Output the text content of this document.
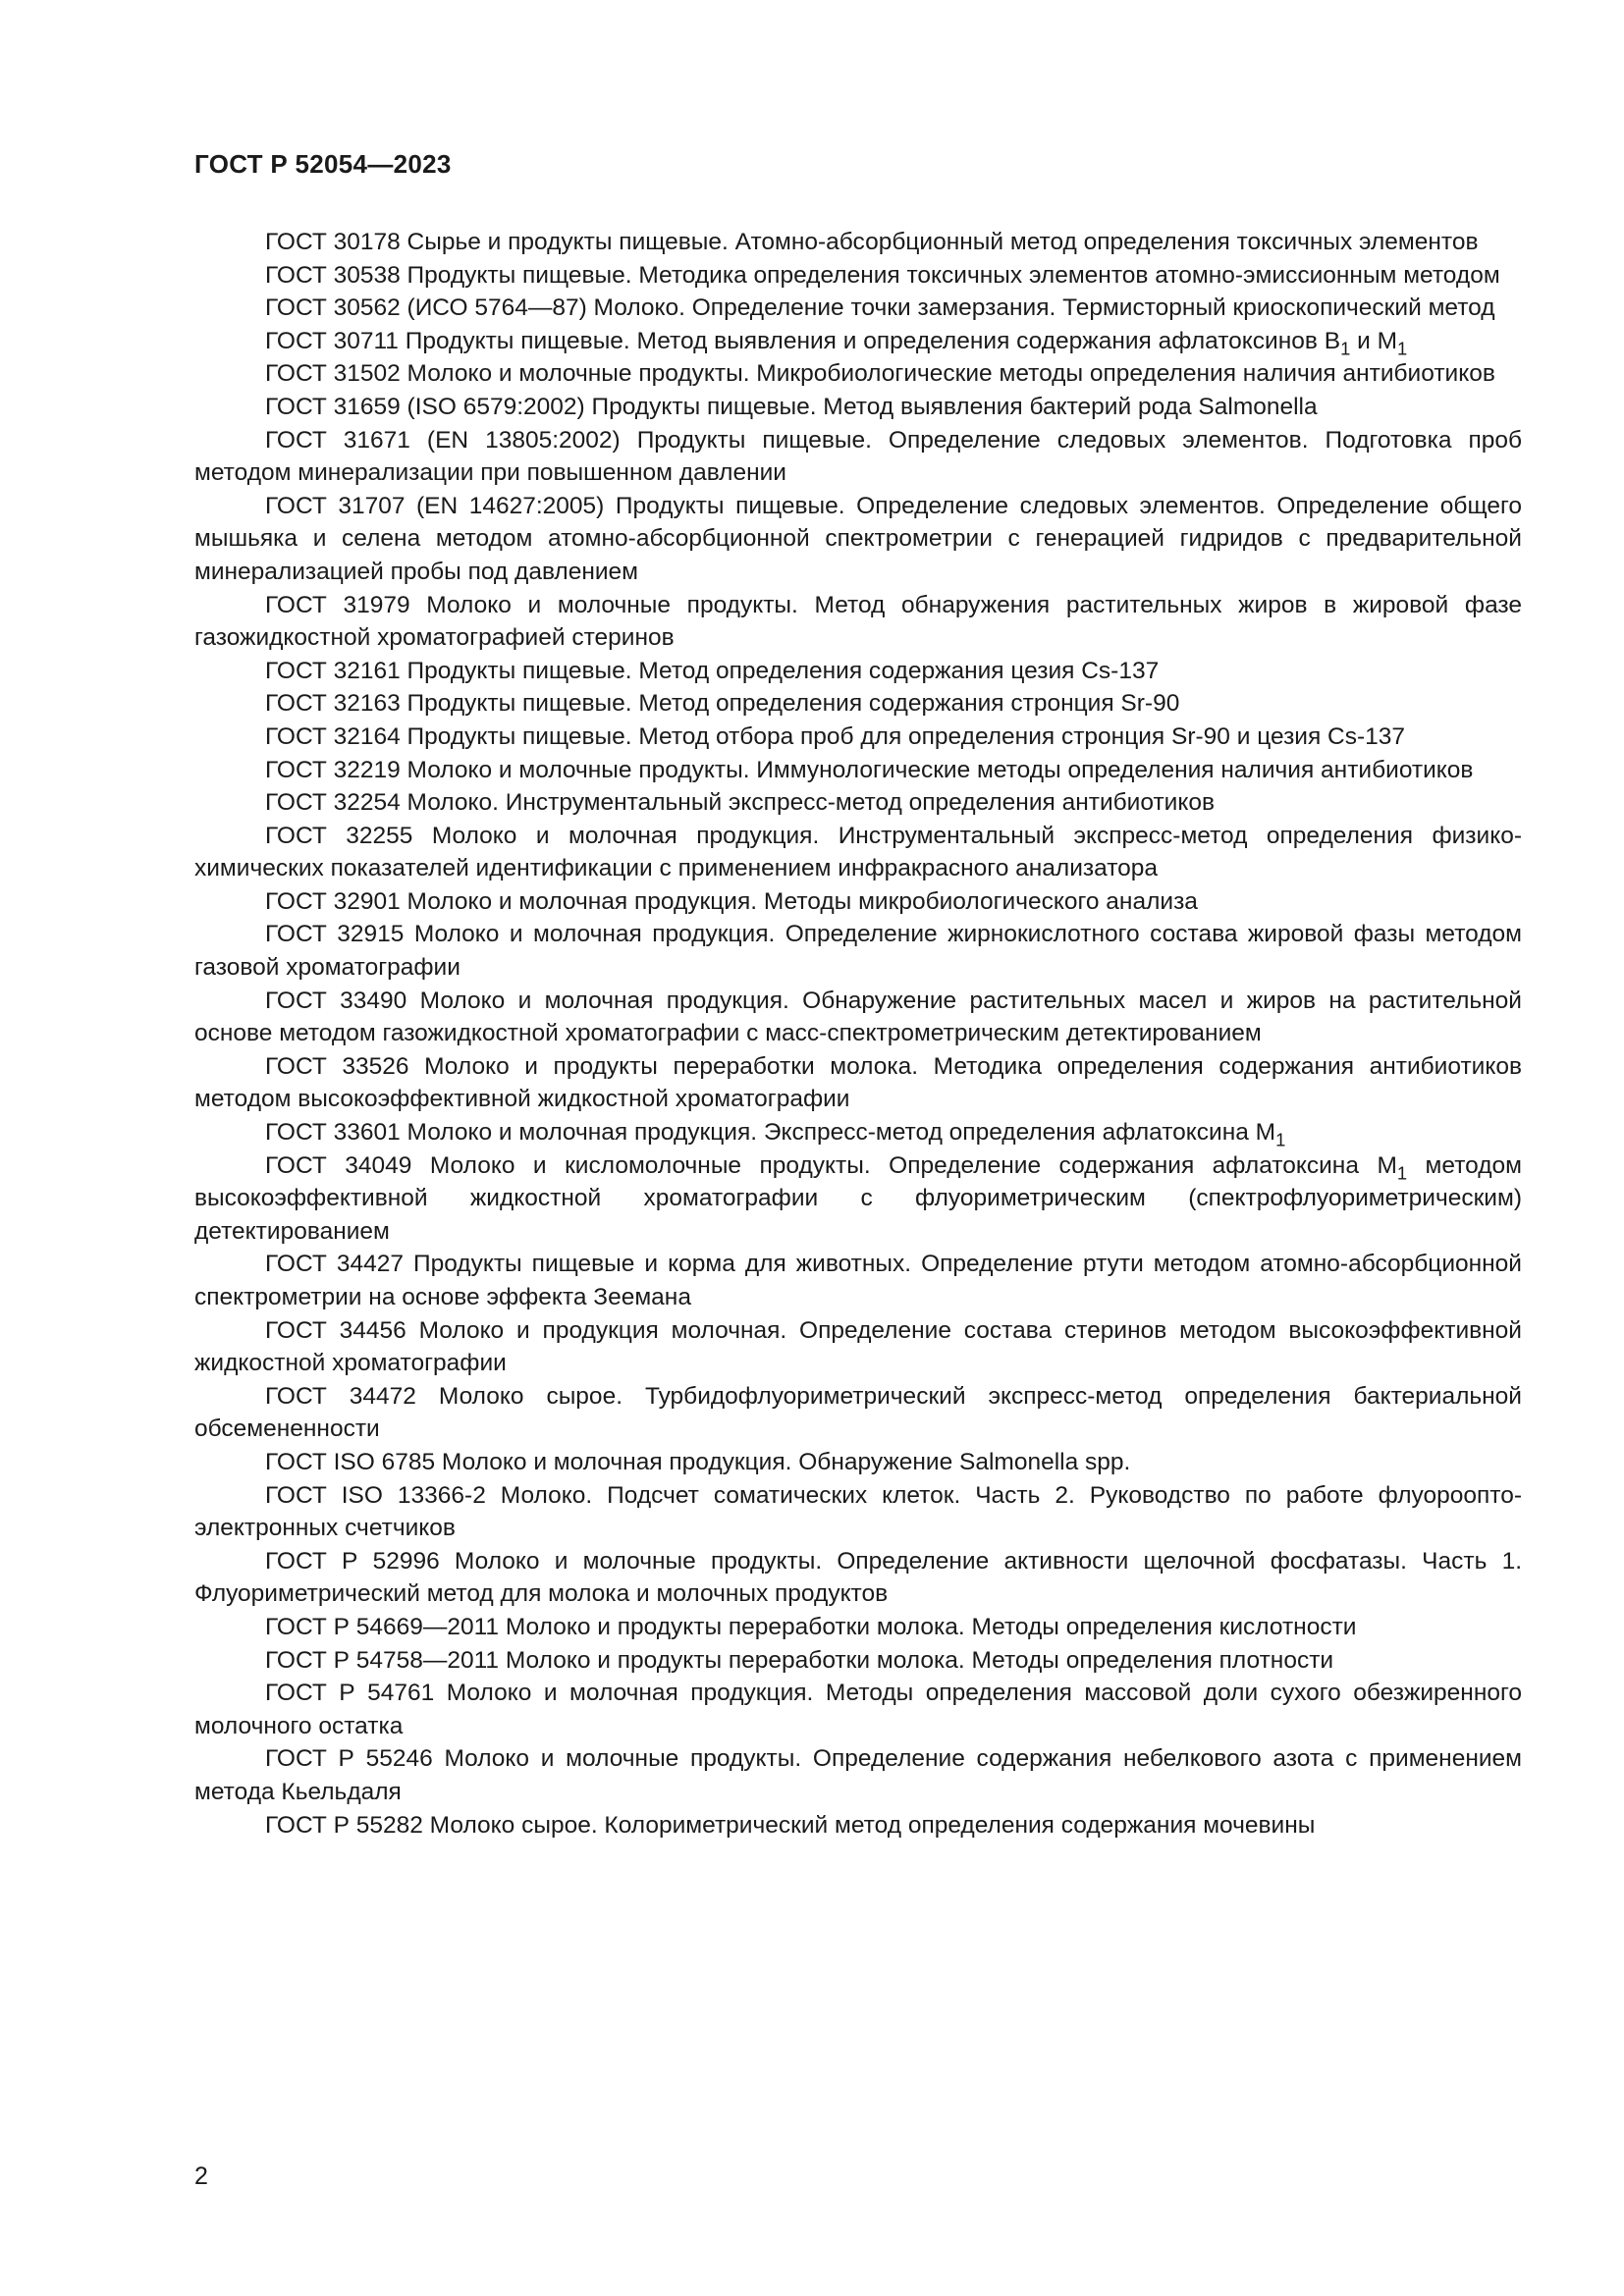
ГОСТ Р 52054—2023

ГОСТ 30178 Сырье и продукты пищевые. Атомно-абсорбционный метод определения токсичных элементов

ГОСТ 30538 Продукты пищевые. Методика определения токсичных элементов атомно-эмиссионным методом

ГОСТ 30562 (ИСО 5764—87) Молоко. Определение точки замерзания. Термисторный криоскопический метод

ГОСТ 30711 Продукты пищевые. Метод выявления и определения содержания афлатоксинов $B_1$ и $M_1$

ГОСТ 31502 Молоко и молочные продукты. Микробиологические методы определения наличия антибиотиков

ГОСТ 31659 (ISO 6579:2002) Продукты пищевые. Метод выявления бактерий рода Salmonella

ГОСТ 31671 (EN 13805:2002) Продукты пищевые. Определение следовых элементов. Подготовка проб методом минерализации при повышенном давлении

ГОСТ 31707 (EN 14627:2005) Продукты пищевые. Определение следовых элементов. Определение общего мышьяка и селена методом атомно-абсорбционной спектрометрии с генерацией гидридов с предварительной минерализацией пробы под давлением

ГОСТ 31979 Молоко и молочные продукты. Метод обнаружения растительных жиров в жировой фазе газожидкостной хроматографией стеринов

ГОСТ 32161 Продукты пищевые. Метод определения содержания цезия Cs-137

ГОСТ 32163 Продукты пищевые. Метод определения содержания стронция Sr-90

ГОСТ 32164 Продукты пищевые. Метод отбора проб для определения стронция Sr-90 и цезия Cs-137

ГОСТ 32219 Молоко и молочные продукты. Иммунологические методы определения наличия антибиотиков

ГОСТ 32254 Молоко. Инструментальный экспресс-метод определения антибиотиков

ГОСТ 32255 Молоко и молочная продукция. Инструментальный экспресс-метод определения физико-химических показателей идентификации с применением инфракрасного анализатора

ГОСТ 32901 Молоко и молочная продукция. Методы микробиологического анализа

ГОСТ 32915 Молоко и молочная продукция. Определение жирнокислотного состава жировой фазы методом газовой хроматографии

ГОСТ 33490 Молоко и молочная продукция. Обнаружение растительных масел и жиров на растительной основе методом газожидкостной хроматографии с масс-спектрометрическим детектированием

ГОСТ 33526 Молоко и продукты переработки молока. Методика определения содержания антибиотиков методом высокоэффективной жидкостной хроматографии

ГОСТ 33601 Молоко и молочная продукция. Экспресс-метод определения афлатоксина $M_1$

ГОСТ 34049 Молоко и кисломолочные продукты. Определение содержания афлатоксина $M_1$ методом высокоэффективной жидкостной хроматографии с флуориметрическим (спектрофлуориметрическим) детектированием

ГОСТ 34427 Продукты пищевые и корма для животных. Определение ртути методом атомно-абсорбционной спектрометрии на основе эффекта Зеемана

ГОСТ 34456 Молоко и продукция молочная. Определение состава стеринов методом высокоэффективной жидкостной хроматографии

ГОСТ 34472 Молоко сырое. Турбидофлуориметрический экспресс-метод определения бактериальной обсемененности

ГОСТ ISO 6785 Молоко и молочная продукция. Обнаружение Salmonella spp.

ГОСТ ISO 13366-2 Молоко. Подсчет соматических клеток. Часть 2. Руководство по работе флуороопто-электронных счетчиков

ГОСТ Р 52996 Молоко и молочные продукты. Определение активности щелочной фосфатазы. Часть 1. Флуориметрический метод для молока и молочных продуктов

ГОСТ Р 54669—2011 Молоко и продукты переработки молока. Методы определения кислотности

ГОСТ Р 54758—2011 Молоко и продукты переработки молока. Методы определения плотности

ГОСТ Р 54761 Молоко и молочная продукция. Методы определения массовой доли сухого обезжиренного молочного остатка

ГОСТ Р 55246 Молоко и молочные продукты. Определение содержания небелкового азота с применением метода Кьельдаля

ГОСТ Р 55282 Молоко сырое. Колориметрический метод определения содержания мочевины

2
